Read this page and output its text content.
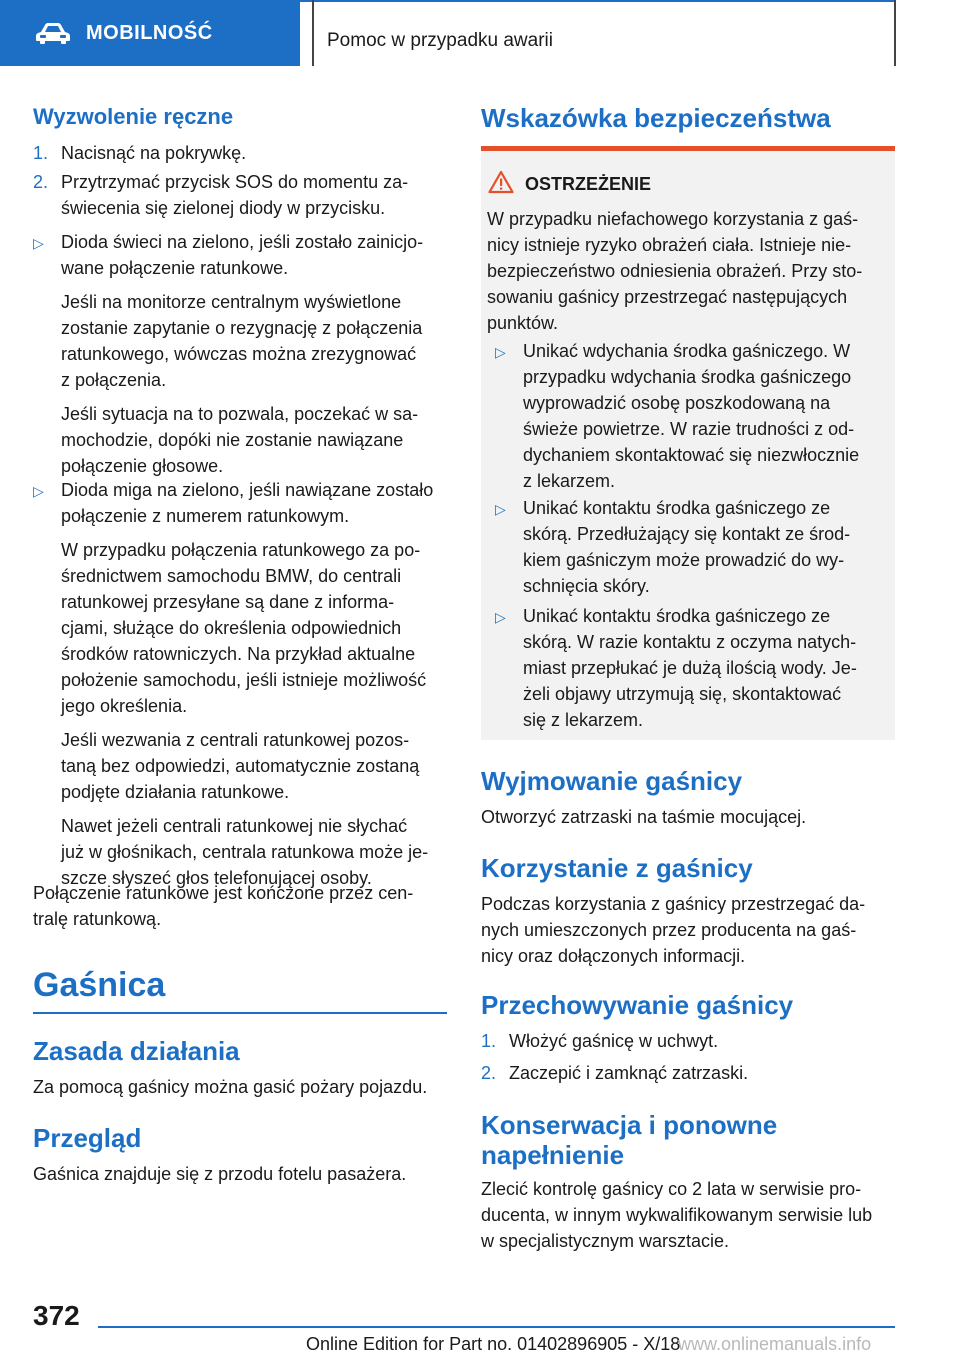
MOBILNOŚĆ	Pomoc w przypadku awarii
Wyzwolenie ręczne
1. Nacisnąć na pokrywkę.
2. Przytrzymać przycisk SOS do momentu za-
świecenia się zielonej diody w przycisku.
▷ Dioda świeci na zielono, jeśli zostało zainicjo-
wane połączenie ratunkowe.
Jeśli na monitorze centralnym wyświetlone
zostanie zapytanie o rezygnację z połączenia
ratunkowego, wówczas można zrezygnować
z połączenia.
Jeśli sytuacja na to pozwala, poczekać w sa-
mochodzie, dopóki nie zostanie nawiązane
połączenie głosowe.
▷ Dioda miga na zielono, jeśli nawiązane zostało
połączenie z numerem ratunkowym.
W przypadku połączenia ratunkowego za po-
średnictwem samochodu BMW, do centrali
ratunkowej przesyłane są dane z informa-
cjami, służące do określenia odpowiednich
środków ratowniczych. Na przykład aktualne
położenie samochodu, jeśli istnieje możliwość
jego określenia.
Jeśli wezwania z centrali ratunkowej pozos-
taną bez odpowiedzi, automatycznie zostaną
podjęte działania ratunkowe.
Nawet jeżeli centrali ratunkowej nie słychać
już w głośnikach, centrala ratunkowa może je-
szcze słyszeć głos telefonującej osoby.
Połączenie ratunkowe jest kończone przez cen-
tralę ratunkową.
Gaśnica
Zasada działania
Za pomocą gaśnicy można gasić pożary pojazdu.
Przegląd
Gaśnica znajduje się z przodu fotelu pasażera.
Wskazówka bezpieczeństwa
OSTRZEŻENIE
W przypadku niefachowego korzystania z gaś-
nicy istnieje ryzyko obrażeń ciała. Istnieje nie-
bezpieczeństwo odniesienia obrażeń. Przy sto-
sowaniu gaśnicy przestrzegać następujących
punktów.
▷ Unikać wdychania środka gaśniczego. W
przypadku wdychania środka gaśniczego
wyprowadzić osobę poszkodowaną na
świeże powietrze. W razie trudności z od-
dychaniem skontaktować się niezwłocznie
z lekarzem.
▷ Unikać kontaktu środka gaśniczego ze
skórą. Przedłużający się kontakt ze środ-
kiem gaśniczym może prowadzić do wy-
schnięcia skóry.
▷ Unikać kontaktu środka gaśniczego ze
skórą. W razie kontaktu z oczyma natych-
miast przepłukać je dużą ilością wody. Je-
żeli objawy utrzymują się, skontaktować
się z lekarzem.
Wyjmowanie gaśnicy
Otworzyć zatrzaski na taśmie mocującej.
Korzystanie z gaśnicy
Podczas korzystania z gaśnicy przestrzegać da-
nych umieszczonych przez producenta na gaś-
nicy oraz dołączonych informacji.
Przechowywanie gaśnicy
1. Włożyć gaśnicę w uchwyt.
2. Zaczepić i zamknąć zatrzaski.
Konserwacja i ponowne
napełnienie
Zlecić kontrolę gaśnicy co 2 lata w serwisie pro-
ducenta, w innym wykwalifikowanym serwisie lub
w specjalistycznym warsztacie.
372
Online Edition for Part no. 01402896905 - X/18
www.onlinemanuals.info
